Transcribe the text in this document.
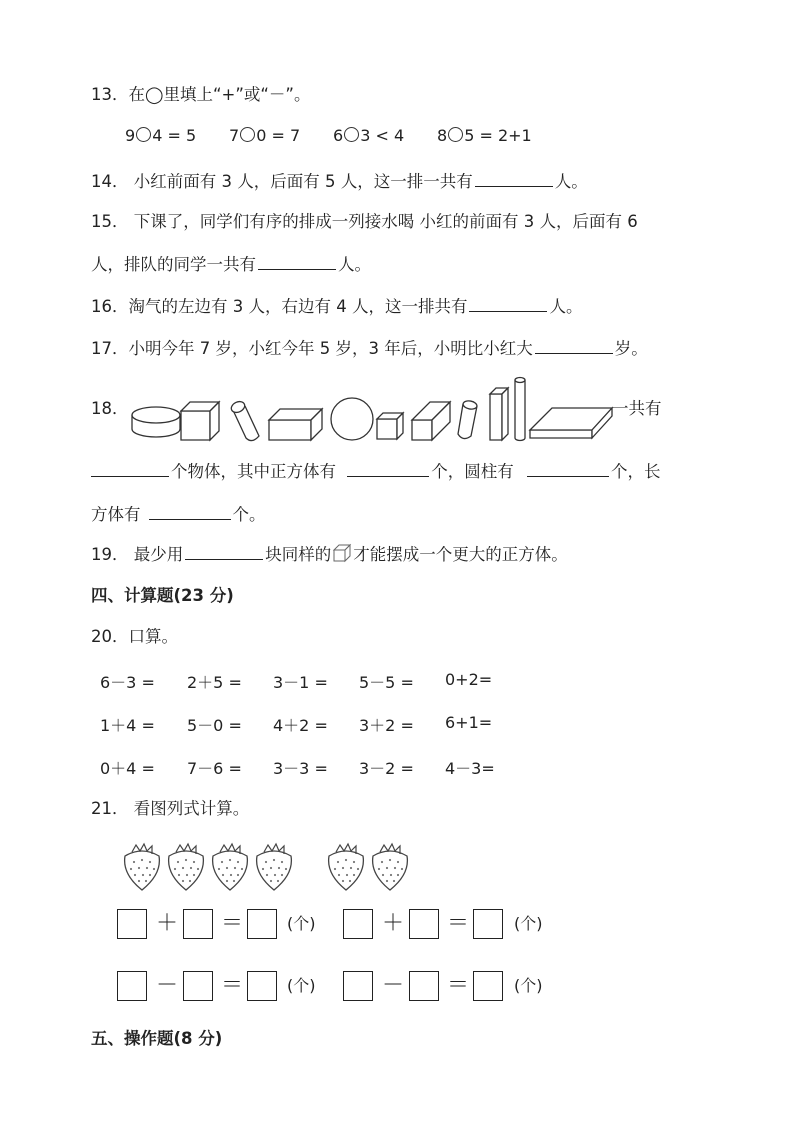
13．在◯里填上“+”或“－”。
9 4 = 5 7 0 = 7 6 3 < 4 8 5 = 2+1
14． 小红前面有 3 人，后面有 5 人，这一排一共有	人。
15． 下课了，同学们有序的排成一列接水喝 小红的前面有 3 人，后面有 6
人，排队的同学一共有	人。
16．淘气的左边有 3 人，右边有 4 人，这一排共有	人。
17．小明今年 7 岁，小红今年 5 岁，3 年后，小明比小红大	岁。
18．	一共有
个物体，其中正方体有	个，圆柱有	个，长
方体有	个。
19． 最少用	块同样的 才能摆成一个更大的正方体。
四、计算题(23 分)
20．口算。
6－3 = 2＋5 = 3－1 = 5－5 = 0+2=
1＋4 = 5－0 = 4＋2 = 3＋2 = 6+1=
0＋4 = 7－6 = 3－3 = 3－2 = 4－3=
21． 看图列式计算。
＋ ＝	(个)	＋ ＝	(个)
－ ＝	(个)	－ ＝	(个)
五、操作题(8 分)
